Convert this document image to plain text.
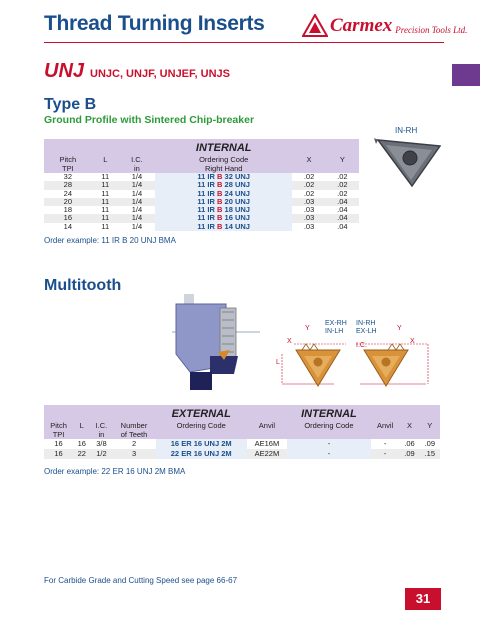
Thread Turning Inserts	Carmex Precision Tools Ltd.
UNJ UNJC, UNJF, UNJEF, UNJS
Type B
Ground Profile with Sintered Chip-breaker
IN-RH
			INTERNAL		
Pitch	L	I.C.	Ordering Code	X	Y
TPI		in	Right Hand		
32	11	1/4	11 IR B 32 UNJ	.02	.02
28	11	1/4	11 IR B 28 UNJ	.02	.02
24	11	1/4	11 IR B 24 UNJ	.02	.02
20	11	1/4	11 IR B 20 UNJ	.03	.04
18	11	1/4	11 IR B 18 UNJ	.03	.04
16	11	1/4	11 IR B 16 UNJ	.03	.04
14	11	1/4	11 IR B 14 UNJ	.03	.04
Order example: 11 IR B 20 UNJ BMA
Multitooth
EX-RH
IN-LH
IN-RH
EX-LH
I.C.
L
Y
X
Y
X
				EXTERNAL		INTERNAL			
Pitch	L	I.C.	Number	Ordering Code	Anvil	Ordering Code	Anvil	X	Y
TPI		in	of Teeth						
16	16	3/8	2	16 ER 16 UNJ 2M	AE16M	-	-	.06	.09
16	22	1/2	3	22 ER 16 UNJ 2M	AE22M	-	-	.09	.15
Order example: 22 ER 16 UNJ 2M BMA
For Carbide Grade and Cutting Speed see page 66-67
31
